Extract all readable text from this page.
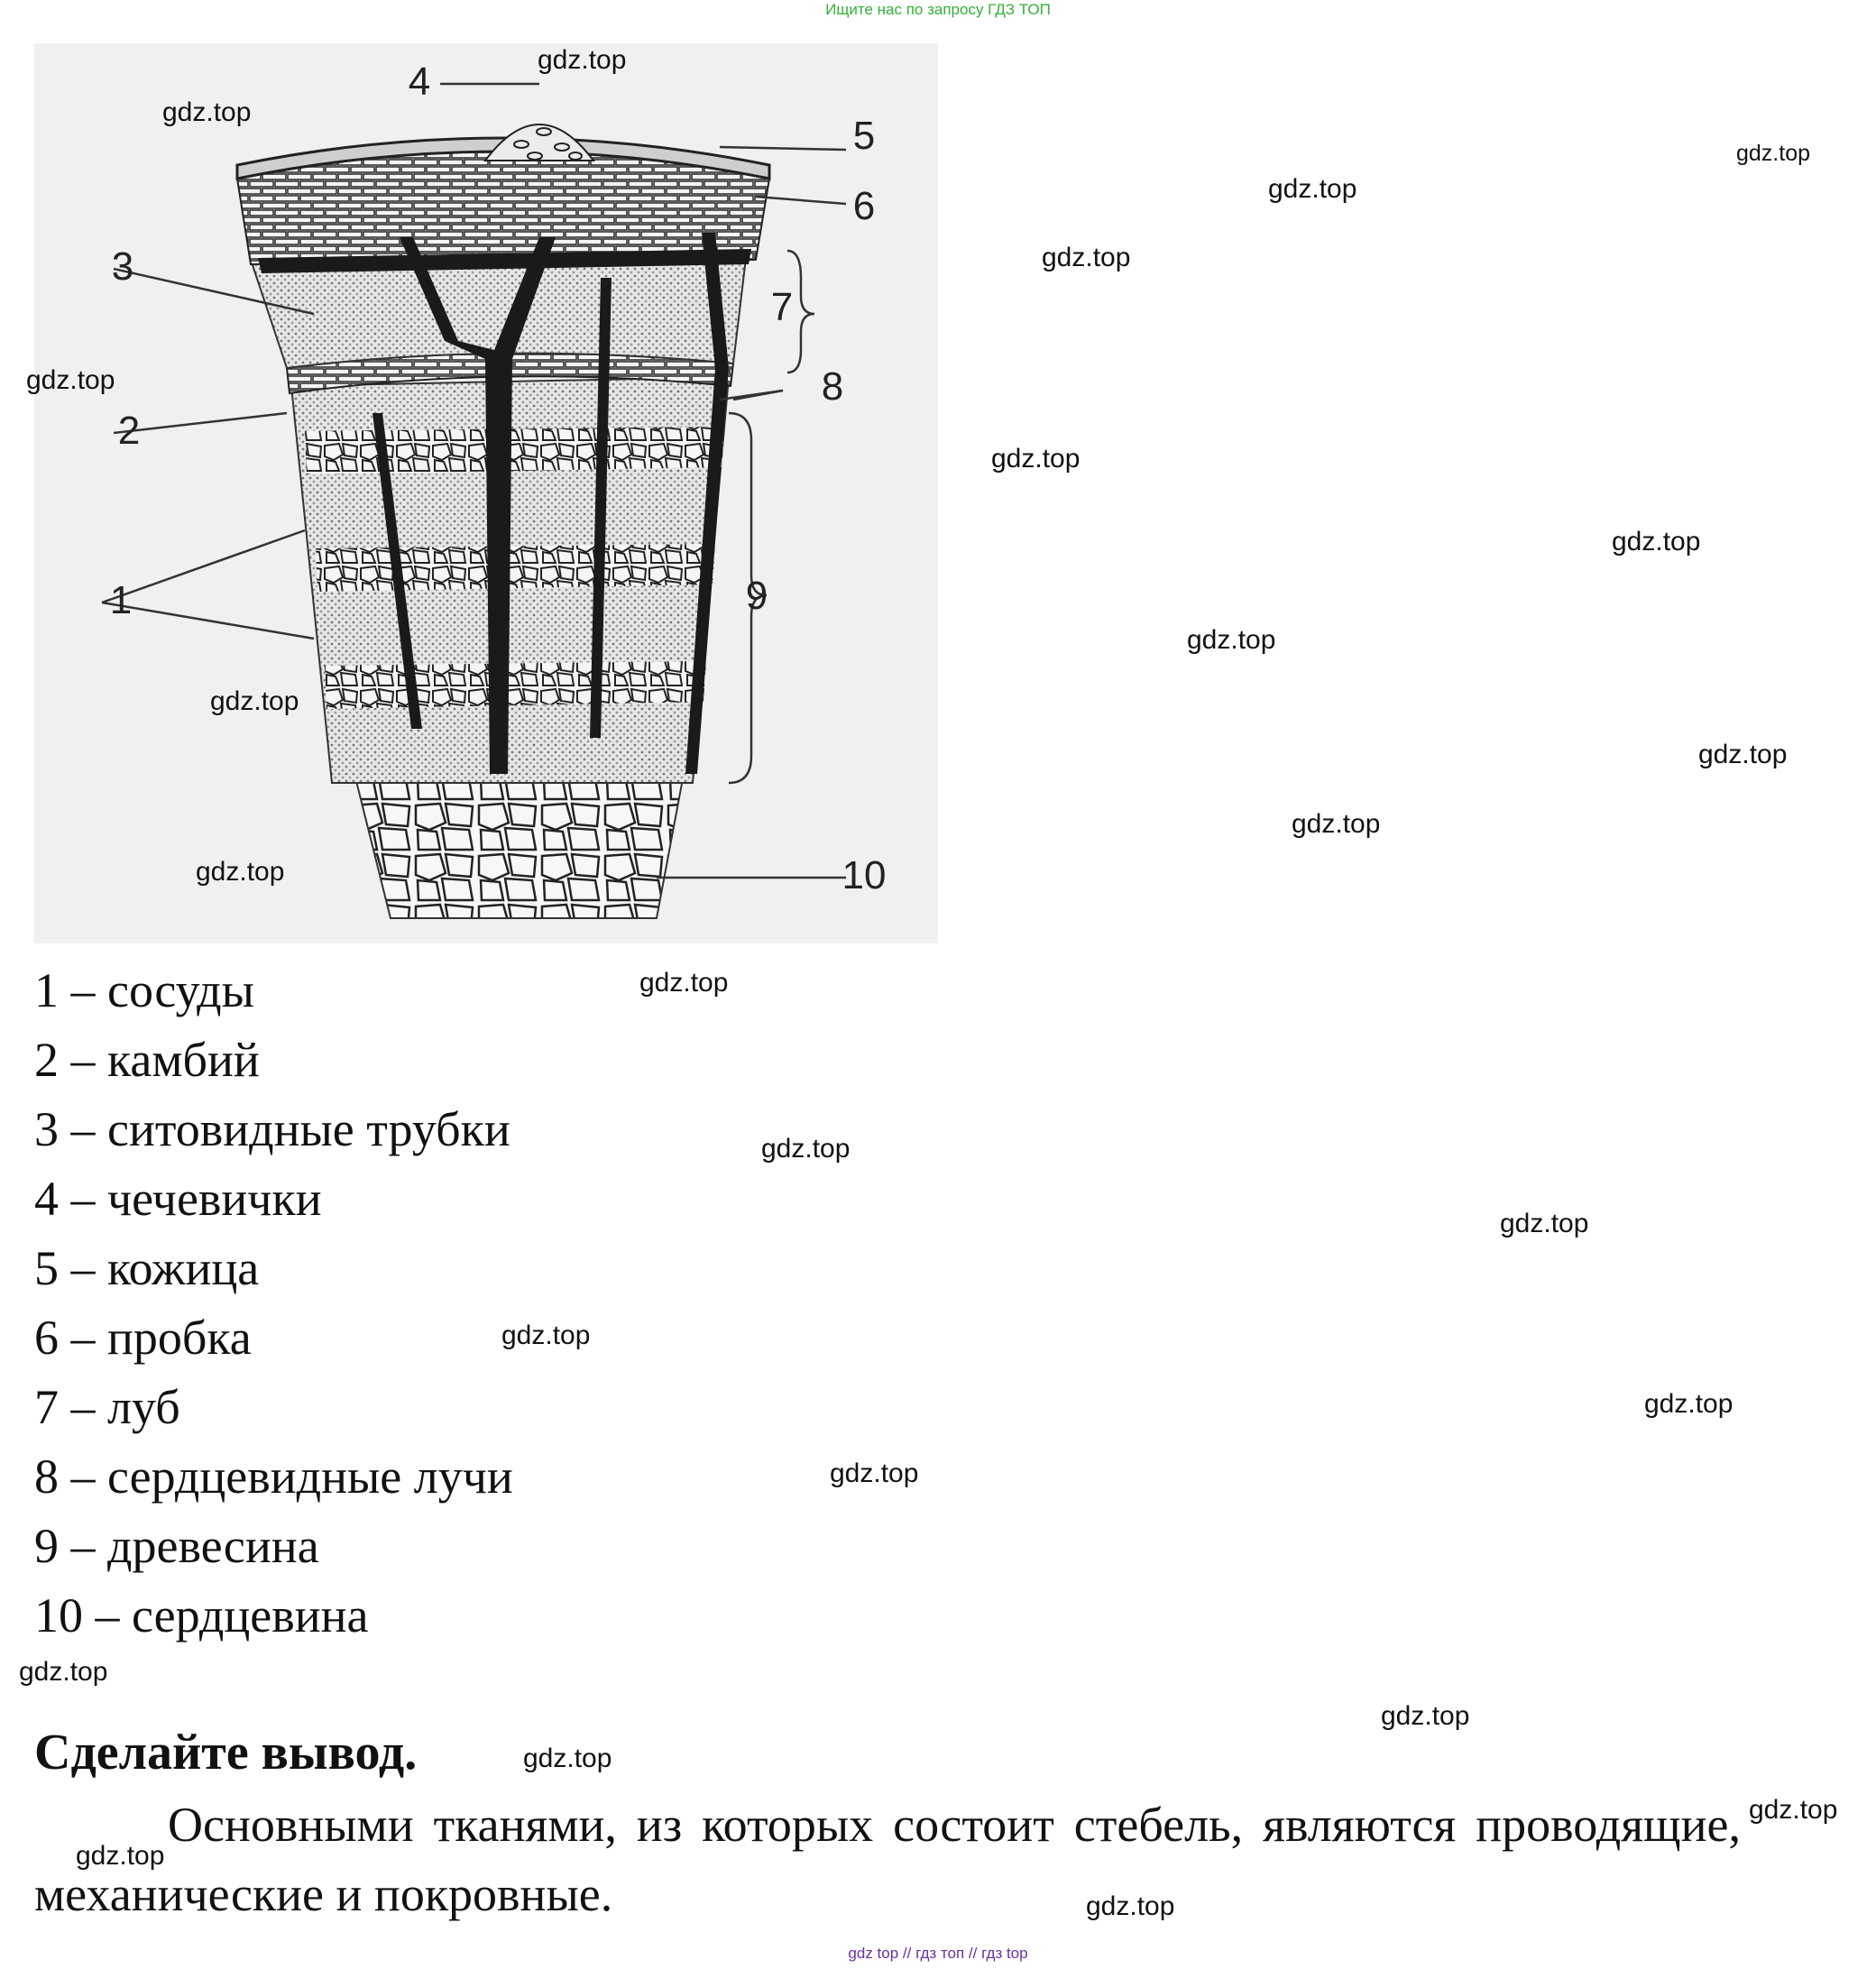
Ищите нас по запросу ГДЗ ТОП
1
2
3
4
5
6
7
8
9
10
1 – сосуды
2 – камбий
3 – ситовидные трубки
4 – чечевички
5 – кожица
6 – пробка
7 – луб
8 – сердцевидные лучи
9 – древесина
10 – сердцевина
Сделайте вывод.

Основными тканями, из которых состоит стебель, являются проводящие, механические и покровные.

gdz.top
gdz.top
gdz.top
gdz.top
gdz.top
gdz.top
gdz.top
gdz.top
gdz.top
gdz.top
gdz.top
gdz.top
gdz.top
gdz.top
gdz.top
gdz.top
gdz.top
gdz.top
gdz.top
gdz.top
gdz.top
gdz.top
gdz.top
gdz.top
gdz.top
gdz top // гдз топ // гдз top
